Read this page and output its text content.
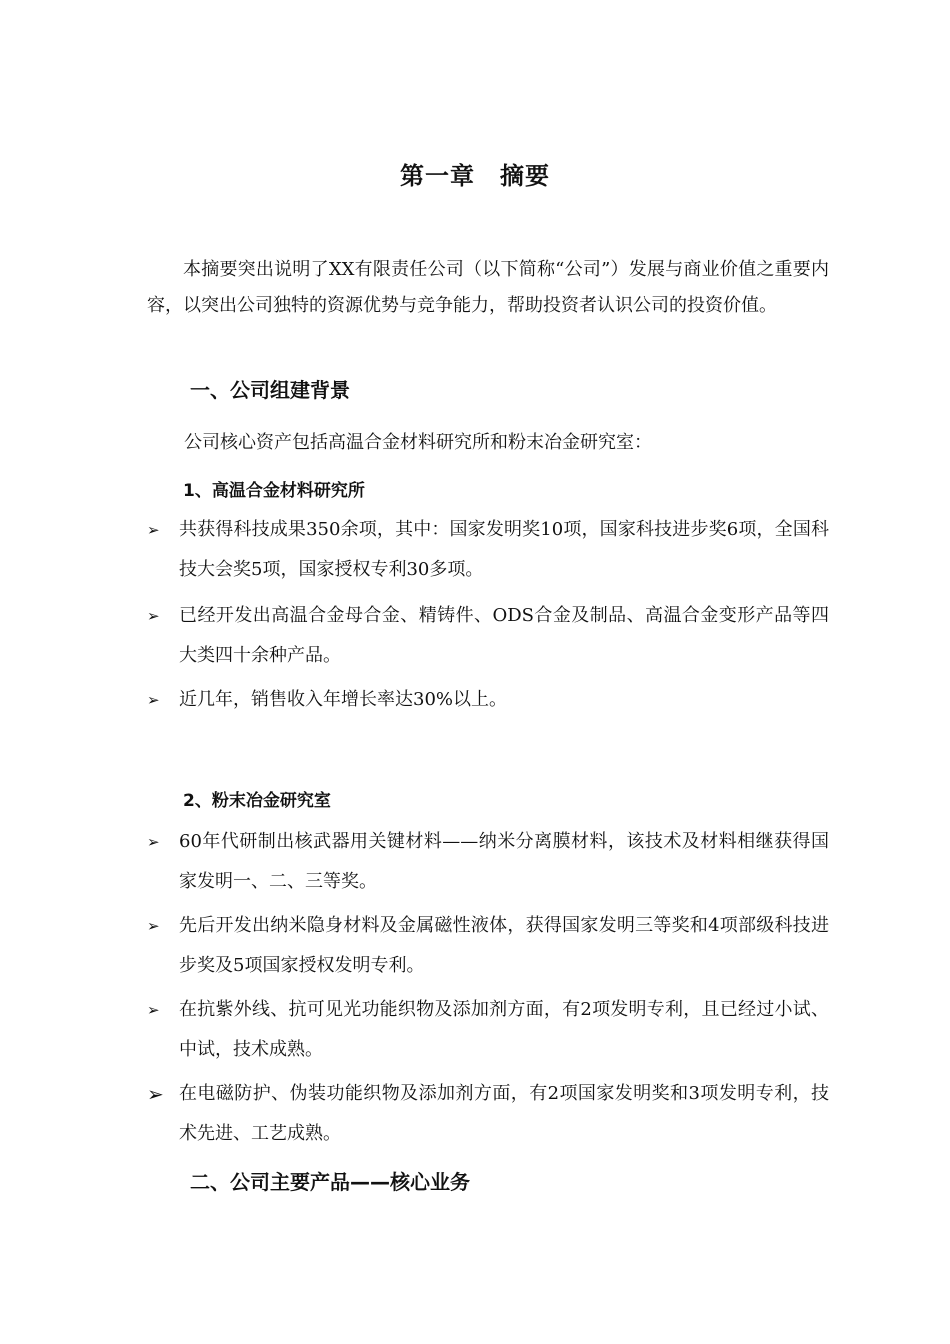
第一章　摘要

本摘要突出说明了XX有限责任公司（以下简称“公司”）发展与商业价值之重要内容，以突出公司独特的资源优势与竞争能力，帮助投资者认识公司的投资价值。

一、公司组建背景

公司核心资产包括高温合金材料研究所和粉末冶金研究室：

1、高温合金材料研究所
➢ 共获得科技成果350余项，其中：国家发明奖10项，国家科技进步奖6项，全国科技大会奖5项，国家授权专利30多项。

➢ 已经开发出高温合金母合金、精铸件、ODS合金及制品、高温合金变形产品等四大类四十余种产品。

➢ 近几年，销售收入年增长率达30%以上。

2、粉末冶金研究室
➢ 60年代研制出核武器用关键材料——纳米分离膜材料，该技术及材料相继获得国家发明一、二、三等奖。

➢ 先后开发出纳米隐身材料及金属磁性液体，获得国家发明三等奖和4项部级科技进步奖及5项国家授权发明专利。

➢ 在抗紫外线、抗可见光功能织物及添加剂方面，有2项发明专利，且已经过小试、中试，技术成熟。

➢ 在电磁防护、伪装功能织物及添加剂方面，有2项国家发明奖和3项发明专利，技术先进、工艺成熟。

二、公司主要产品——核心业务
